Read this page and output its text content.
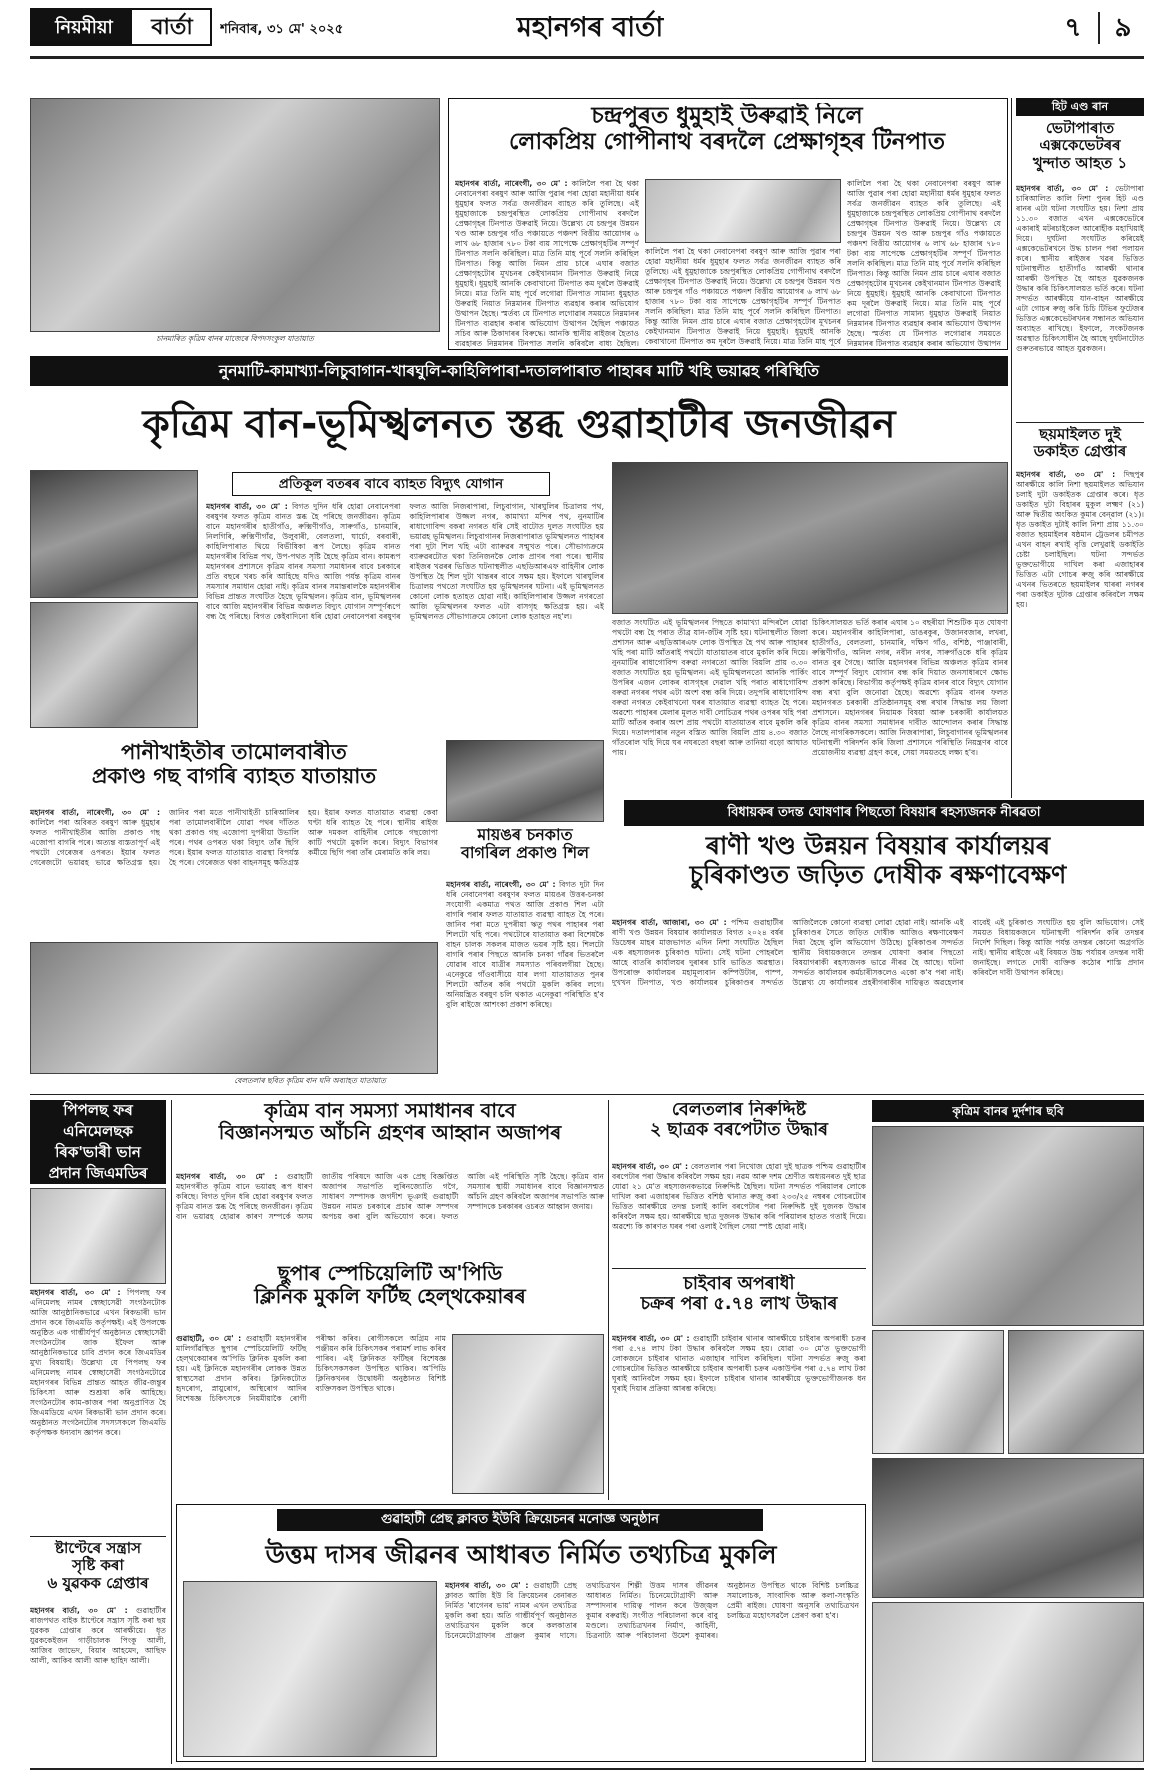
নিয়মীয়া	বাৰ্তা	শনিবাৰ, ৩১ মে' ২০২৫	মহানগৰ বাৰ্তা	৭	৯
চানমাৰিত কৃত্ৰিম বানৰ মাজেৰে বিপদসংকুল যাতায়াত
চন্দ্ৰপুৰত ধুমুহাই উৰুৱাই নিলে
লোকপ্ৰিয় গোপীনাথ বৰদলৈ প্ৰেক্ষাগৃহৰ টিনপাত
মহানগৰ বাৰ্তা, নাৰেংগী, ৩০ মে' : কালিলৈ পৰা হৈ থকা নেবানেপৰা বৰষুণ আৰু আজি পুৱাৰ পৰা হোৱা মহানীয়া ধৰ্মৰ ধুমুহাৰ ফলত সৰ্বত্ৰ জনজীৱন ব্যাহত কৰি তুলিছে। এই ধুমুহাজাকে চন্দ্ৰপুৰস্থিত লোকপ্ৰিয় গোপীনাথ বৰদলৈ প্ৰেক্ষাগৃহৰ টিনপাত উৰুৱাই নিয়ে। উল্লেখ্য যে চন্দ্ৰপুৰ উন্নয়ন খণ্ড আৰু চন্দ্ৰপুৰ গাঁও পঞ্চায়তে পঞ্চদশ বিত্তীয় আয়োগৰ ৬ লাখ ৬৮ হাজাৰ ৭৮০ টকা ব্যয় সাপেক্ষে প্ৰেক্ষাগৃহটিৰ সম্পূৰ্ণ টিনপাত সলনি কৰিছিল। মাত্ৰ তিনি মাহ পূৰ্বে সলনি কৰিছিল টিনপাত। কিন্তু আজি নিমন প্ৰায় চাৰে এঘাৰ বজাত প্ৰেক্ষাগৃহটোৰ মূখচনৰ কেইখানমান টিনপাত উৰুৱাই নিয়ে ধুমুহাই। ধুমুহাই আনকি কেবাখানো টিনপাত কম দূৰলৈ উৰুৱাই নিয়ে। মাত্ৰ তিনি মাহ পূৰ্বে লগোৱা টিনপাত সামান্য ধুমুহাত উৰুৱাই নিয়াত নিম্নমানৰ টিনপাত ব্যৱহাৰ কৰাৰ অভিযোগ উত্থাপন হৈছে। স্মৰ্তব্য যে টিনপাত লগোৱাৰ সময়তে নিম্নমানৰ টিনপাত ব্যৱহাৰ কৰাৰ অভিযোগ উত্থাপন হৈছিল পঞ্চায়ত সচিব আৰু ঠিকাদাৰৰ বিৰুদ্ধে। আনকি স্থানীয় ৰাইজৰ হৈতাও ব্যৱহাৰত নিম্নমানৰ টিনপাত সলনি কৰিবলৈ বাধ্য হৈছিল।
কালিলৈ পৰা হৈ থকা নেবানেপৰা বৰষুণ আৰু আজি পুৱাৰ পৰা হোৱা মহানীয়া ধৰ্মৰ ধুমুহাৰ ফলত সৰ্বত্ৰ জনজীৱন ব্যাহত কৰি তুলিছে। এই ধুমুহাজাকে চন্দ্ৰপুৰস্থিত লোকপ্ৰিয় গোপীনাথ বৰদলৈ প্ৰেক্ষাগৃহৰ টিনপাত উৰুৱাই নিয়ে। উল্লেখ্য যে চন্দ্ৰপুৰ উন্নয়ন খণ্ড আৰু চন্দ্ৰপুৰ গাঁও পঞ্চায়তে পঞ্চদশ বিত্তীয় আয়োগৰ ৬ লাখ ৬৮ হাজাৰ ৭৮০ টকা ব্যয় সাপেক্ষে প্ৰেক্ষাগৃহটিৰ সম্পূৰ্ণ টিনপাত সলনি কৰিছিল। মাত্ৰ তিনি মাহ পূৰ্বে সলনি কৰিছিল টিনপাত। কিন্তু আজি নিমন প্ৰায় চাৰে এঘাৰ বজাত প্ৰেক্ষাগৃহটোৰ মূখচনৰ কেইখানমান টিনপাত উৰুৱাই নিয়ে ধুমুহাই। ধুমুহাই আনকি কেবাখানো টিনপাত কম দূৰলৈ উৰুৱাই নিয়ে। মাত্ৰ তিনি মাহ পূৰ্বে
কালিলৈ পৰা হৈ থকা নেবানেপৰা বৰষুণ আৰু আজি পুৱাৰ পৰা হোৱা মহানীয়া ধৰ্মৰ ধুমুহাৰ ফলত সৰ্বত্ৰ জনজীৱন ব্যাহত কৰি তুলিছে। এই ধুমুহাজাকে চন্দ্ৰপুৰস্থিত লোকপ্ৰিয় গোপীনাথ বৰদলৈ প্ৰেক্ষাগৃহৰ টিনপাত উৰুৱাই নিয়ে। উল্লেখ্য যে চন্দ্ৰপুৰ উন্নয়ন খণ্ড আৰু চন্দ্ৰপুৰ গাঁও পঞ্চায়তে পঞ্চদশ বিত্তীয় আয়োগৰ ৬ লাখ ৬৮ হাজাৰ ৭৮০ টকা ব্যয় সাপেক্ষে প্ৰেক্ষাগৃহটিৰ সম্পূৰ্ণ টিনপাত সলনি কৰিছিল। মাত্ৰ তিনি মাহ পূৰ্বে সলনি কৰিছিল টিনপাত। কিন্তু আজি নিমন প্ৰায় চাৰে এঘাৰ বজাত প্ৰেক্ষাগৃহটোৰ মূখচনৰ কেইখানমান টিনপাত উৰুৱাই নিয়ে ধুমুহাই। ধুমুহাই আনকি কেবাখানো টিনপাত কম দূৰলৈ উৰুৱাই নিয়ে। মাত্ৰ তিনি মাহ পূৰ্বে লগোৱা টিনপাত সামান্য ধুমুহাত উৰুৱাই নিয়াত নিম্নমানৰ টিনপাত ব্যৱহাৰ কৰাৰ অভিযোগ উত্থাপন হৈছে। স্মৰ্তব্য যে টিনপাত লগোৱাৰ সময়তে নিম্নমানৰ টিনপাত ব্যৱহাৰ কৰাৰ অভিযোগ উত্থাপন
হিট এণ্ড ৰান
ভেটাপাৰাত
এক্সকেভেটৰৰ
খুন্দাত আহত ১
মহানগৰ বাৰ্তা, ৩০ মে' : ভেটাপাৰা চাৰিআলিত কালি নিশা পুনৰ হিট এণ্ড ৰানৰ এটা ঘটনা সংঘটিত হয়। নিশা প্ৰায় ১১.৩০ বজাত এখন এক্সকেভেটৰে একাৰাই মটৰচাইকেল আৰোহীক মহাখিয়াই দিয়ে। দুৰ্ঘটনা সংঘটিত কৰিয়েই এক্সকেভেটৰখনে উদ্ধ চালন পৰা পলায়ন কৰে। স্থানীয় ৰাইজৰ খৱৰ ভিত্তিত ঘটনাস্থলীত হাতীগাঁও আৰক্ষী থানাৰ আৰক্ষী উপস্থিত হৈ আহত যুৱকজনক উদ্ধাৰ কৰি চিকিৎসালয়ত ভৰ্তি কৰে। ঘটনা সন্দৰ্ভত আৰক্ষীয়ে যান-বাহন আৰক্ষীয়ে এটা গোচৰ ৰুজু কৰি চিচি টিভিৰ ফুটেজৰ ভিত্তিত এক্সকেভেটৰখনৰ সন্ধানত অভিযান অব্যাহত ৰাখিছে। ইফালে, সংকটজনক অৱস্থাত চিকিৎসাধীন হৈ আছে দুৰ্ঘটনাটোত গুৰুতৰভাৱে আহত যুৱকজন।
ছয়মাইলত দুই
ডকাইত গ্ৰেপ্তাৰ
মহানগৰ বাৰ্তা, ৩০ মে' : দিছপুৰ আৰক্ষীয়ে কালি নিশা ছয়মাইলত অভিযান চলাই দুটা ডকাইতক গ্ৰেপ্তাৰ কৰে। ধৃত ডকাইত দুটা বিহাৰৰ মুকুল লক্ষ্মণ (২১) আৰু দ্বিতীয় অংকিত কুমাৰ বেন্‌ৱাল (২১)। ধৃত ডকাইত দুটাই কালি নিশা প্ৰায় ১১.৩০ বজাত ছয়মাইলৰ ষষ্ঠমান ট্ৰেডলৰ চমীপত এখন বাহন ৰখাই বৃত্তি লেখুৱাই ডকাইতি চেষ্টা চলাইছিল। ঘটনা সন্দৰ্ভত ভুক্তভোগীয়ে দাখিল কৰা এজাহাৰৰ ভিত্তিত এটা গোচৰ ৰুজু কৰি আৰক্ষীয়ে এখনৰ ভিতৰতে ছয়মাইলৰ ঘাৰৰা নগৰৰ পৰা ডকাইত দুটাক গ্ৰেপ্তাৰ কৰিবলৈ সক্ষম হয়।
নুনমাটি-কামাখ্যা-লিচুবাগান-খাৰঘুলি-কাহিলিপাৰা-দতালপাৰাত পাহাৰৰ মাটি খহি ভয়াৱহ পৰিস্থিতি
কৃত্ৰিম বান-ভূমিস্খলনত স্তব্ধ গুৱাহাটীৰ জনজীৱন
প্ৰতিকূল বতৰৰ বাবে ব্যাহত বিদ্যুৎ যোগান
মহানগৰ বাৰ্তা, ৩০ মে' : বিগত দুদিন ধৰি হোৱা নেবানেপৰা বৰষুণৰ ফলত কৃত্ৰিম বানত স্তব্ধ হৈ পৰিছে জনজীৱন। কৃত্ৰিম বানে মহানগৰীৰ হাতীগাঁও, ৰুক্মিণীগাঁও, সাৰুগাঁও, চানমাৰি, নিলগিৰি, ৰুক্মিণীগাঁৱ, উলুবাৰী, বেলতলা, ঘাৰ্চো, বৰবাৰী, কাহিলিপাৰাত থিয়ে বিভীষিকা ৰূপ লৈছে। কৃত্ৰিম বানত মহানগৰীৰ বিভিন্ন পথ, উপ-পথত সৃষ্টি হৈছে কৃত্ৰিম বান। কামৰূপ মহানগৰৰ প্ৰশাসনে কৃত্ৰিম বানৰ সমস্যা সমাধানৰ বাবে চৰকাৰে প্ৰতি বছৰে খৰচ কৰি আহিছে যদিও আজি পৰ্যন্ত কৃত্ৰিম বানৰ সমস্যাৰ সমাধান হোৱা নাই। কৃত্ৰিম বানৰ সমান্তৰালকৈ মহানগৰীৰ বিভিন্ন প্ৰান্তত সংঘটিত হৈছে ভূমিস্খলন। কৃত্ৰিম বান, ভূমিস্খলনৰ বাবে আজি মহানগৰীৰ বিভিন্ন অঞ্চলত বিদ্যুৎ যোগান সম্পূৰ্ণৰূপে বন্ধ হৈ পৰিছে। বিগত কেইবাদিনো ধৰি হোৱা নেবানেপৰা বৰষুণৰ ফলত আজি নিজৰাপাৰা, লিচুবাগান, খাৰঘুলিৰ চিত্ৰালয় পথ, কাহিলিপাৰাৰ উজ্জল নগৰ, কামাখ্যা মন্দিৰ পথ, নুনমাটিৰ ৰাধাগোবিন্দ বকৰা নগৰত ধৰি সেই বাটোত দুলত সংঘটিত হয় ভয়াৱহ ভূমিস্খলন। লিচুবাগানৰ নিজৰাপাৰাত ভূমিস্খলনত পাহাৰৰ পৰা দুটা শিল খহি এটা ব্যাৰুৱৰ সন্মুখত পৰে। সৌভাগ্যক্ৰমে ব্যাৰুৱৰটোত থকা তিনিজনকৈ লোক প্ৰাণৰ পৰা পৰে। স্থানীয় ৰাইজৰ খৱৰৰ ভিত্তিত ঘটনাস্থলীত এছডিআৰএফ বাহিনীৰ লোক উপস্থিত হৈ শিল দুটা খান্তৰৰ বাবে সক্ষম হয়। ইফালে খাৰঘুলিৰ চিত্ৰালয় পথতো সংঘটিত হয় ভূমিস্খলনৰ ঘটনা। এই ভূমিস্খলনত কোনো লোক হতাহত হোৱা নাই। কাহিলিপাৰাৰ উজ্জল নগৰতো আজি ভূমিস্খলনৰ ফলত এটা বাসগৃহ ক্ষতিগ্ৰস্ত হয়। এই ভূমিস্খলনত সৌভাগ্যক্ৰমে কোনো লোক হতাহত নহ'ল।
বজাত সংঘটিত এই ভূমিস্খলনৰ পিছতে কামাখ্যা মন্দিৰলৈ যোৱা পথটো বন্ধ হৈ পৰাত তীব্ৰ যান-জঁটৰ সৃষ্টি হয়। ঘটনাস্থলীত জিলা প্ৰশাসন আৰু এছডিআৰএফ লোক উপস্থিত হৈ পথ আৰু পাহাৰৰ খহি পৰা মাটি আঁতৰাই পথটো যাতায়াতৰ বাবে মুকলি কৰি দিয়ে। নুনমাটিৰ ৰাধাগোবিন্দ বৰুৱা নগৰতো আজি বিয়লি প্ৰায় ৩.৩০ বজাত সংঘটিত হয় ভূমিস্খলন। এই ভূমিস্খলনতো আনকি পাৰ্কিং উপৰিৰ এজন লোকৰ বাসগৃহৰ দেৱাল খহি পৰাত ৰাধাগোবিন্দ বৰুৱা নগৰৰ পথৰ এটা অংশ বন্ধ কৰি দিয়ে। তদুপৰি ৰাধাগোবিন্দ বৰুৱা নগৰত কেইবাখনো ঘৰৰ যাতায়াত ব্যৱস্থা ব্যাহত হৈ পৰে। অৱশ্যে পাহাৰৰ মেলাৰ মূলত দাবী লোচিত্ৰৰ পথৰ ওপৰৰ খহি পৰা মাটি আঁতৰ কৰাৰ অংশ প্ৰায় পথটো যাতায়াতৰ বাবে মুকলি কৰি দিয়ে। দতালপাৰাৰ নতুন বস্তিত আজি বিয়লি প্ৰায় ৪.৩০ বজাত গাঁতৰোল খহি দিয়ে ঘৰ নঘৰতো বছৰা আৰু তানিয়া বড়ো আঘাত পায়।
চিকিৎসালয়ত ভৰ্তি কৰাৰ এঘাৰ ১০ বছৰীয়া শিশুটিক মৃত ঘোষণা কৰে। মহানগৰীৰ কাহিলিপাৰা, ডাঙৰকুৰ, উজানবজাৰ, লখৰা, হাতীগাঁও, বেলতলা, চানমাৰি, দক্ষিণ গাঁও, বশিষ্ঠ, পাঞ্জাবাৰী, ৰুক্মিণীগাঁও, অনিল নগৰ, নবীন নগৰ, সাৰুগাঁওকে ধৰি কৃত্ৰিম বানত বুৰ গৈছে। আজি মহানগৰৰ বিভিন্ন অঞ্চলত কৃত্ৰিম বানৰ বাবে সম্পূৰ্ণ বিদ্যুৎ যোগান বন্ধ কৰি দিয়াত জনসাধাৰণে ক্ষোভ প্ৰকাশ কৰিছে। বিভাগীয় কৰ্তৃপক্ষই কৃত্ৰিম বানৰ বাবে বিদ্যুৎ যোগান বন্ধ ৰখা বুলি জনোৱা হৈছে। অৱশ্যে কৃত্ৰিম বানৰ ফলত মহানগৰত চৰকাৰী প্ৰতিষ্ঠানসমূহ বন্ধ ৰখাৰ সিদ্ধান্ত লয় জিলা প্ৰশাসনে। মহানগৰৰ নিয়ামক বিষয়া আৰু চৰকাৰী কাৰ্যালয়ত কৃত্ৰিম বানৰ সমস্যা সমাধানৰ দাবীত আন্দোলন কৰাৰ সিদ্ধান্ত লৈছে নাগৰিকসকলে। আজি নিজৰাপাৰা, লিচুবাগানৰ ভূমিস্খলনৰ ঘটনাস্থলী পৰিদৰ্শন কৰি জিলা প্ৰশাসনে পৰিস্থিতি নিয়ন্ত্ৰণৰ বাবে প্ৰয়োজনীয় ব্যৱস্থা গ্ৰহণ কৰে, সেয়া সময়তহে লক্ষ্য হ'ব।
পানীখাইতীৰ তামোলবাৰীত
প্ৰকাণ্ড গছ বাগৰি ব্যাহত যাতায়াত
মহানগৰ বাৰ্তা, নাৰেংগী, ৩০ মে' : কালিলৈ পৰা অবিৰত বৰষুণ আৰু ধুমুহাৰ ফলত পানীখাইতীৰ আজি প্ৰকাণ্ড গছ এজোপা বাগৰি পৰে। অত্যন্ত ব্যস্ততাপূৰ্ণ এই পথটো গেৰেজৰ ওপৰত। ইয়াৰ ফলত গেৰেজটো ভয়াৱহ ভাৱে ক্ষতিগ্ৰস্ত হয়। জানিব পৰা মতে পানীখাইতী চাৰিআলিৰ পৰা তামোলবাৰীলৈ যোৱা পথৰ দাঁতিত থকা প্ৰকাণ্ড গছ এজোপা দুপৰীয়া উভালি পৰে। পথৰ ওপৰত থকা বিদ্যুৎ তাঁৰ ছিগি পৰে। ইয়াৰ ফলত যাতায়াত ব্যৱস্থা বিপৰ্যস্ত হৈ পৰে। গেৰেজত থকা বাহনসমূহ ক্ষতিগ্ৰস্ত হয়। ইয়াৰ ফলত যাতায়াত ব্যৱস্থা কেবা ঘণ্টা ধৰি ব্যাহত হৈ পৰে। স্থানীয় ৰাইজ আৰু দমকল বাহিনীৰ লোকে গছজোপা কাটি পথটো মুকলি কৰে। বিদ্যুৎ বিভাগৰ কৰ্মীয়ে ছিগি পৰা তাঁৰ মেৰামতি কৰি লয়।
বেলতলাৰ ছবিত কৃত্ৰিম বান ঘনি অব্যাহত যাতায়াত
মায়ঙৰ চনকাত
বাগৰিল প্ৰকাণ্ড শিল
মহানগৰ বাৰ্তা, নাৰেংগী, ৩০ মে' : বিগত দুটা দিন ধৰি নেবানেপৰা বৰষুণৰ ফলত মায়ঙৰ উত্তৰ-চনকা সংযোগী একমাত্ৰ পথত আজি প্ৰকাণ্ড শিল এটা বাগৰি পৰাৰ ফলত যাতায়াত ব্যৱস্থা ব্যাহত হৈ পৰে। জানিব পৰা মতে দুপৰীয়া ঋতু পথৰ পাহাৰৰ পৰা শিলটো খহি পৰে। পথটোৰে যাতায়াত কৰা বিশেষকৈ বাহন চালক সকলৰ মাজত ভয়ৰ সৃষ্টি হয়। শিলটো বাগৰি পৰাৰ পিছতে আনকি চনকা গাঁৱৰ ভিতৰলৈ যোৱাৰ বাবে যাত্ৰীৰ সমস্যাত পৰিবলগীয়া হৈছে। এনেকুৱে গাঁওবাসীয়ে যাৰ লগা যাতায়াতত পুনৰ শিলটো আঁতৰ কৰি পথটো মুকলি কৰিব লগে। অনিয়ন্ত্ৰিত বৰষুণ চলি থকাত এনেকুৱা পৰিস্থিতি হ'ব বুলি ৰাইজে আশংকা প্ৰকাশ কৰিছে।
বিধায়কৰ তদন্ত ঘোষণাৰ পিছতো বিষয়াৰ ৰহস্যজনক নীৰৱতা
ৰাণী খণ্ড উন্নয়ন বিষয়াৰ কাৰ্যালয়ৰ
চুৰিকাণ্ডত জড়িত দোষীক ৰক্ষণাবেক্ষণ
মহানগৰ বাৰ্তা, আজাৰা, ৩০ মে' : পশ্চিম গুৱাহাটীৰ ৰাণী খণ্ড উন্নয়ন বিষয়াৰ কাৰ্যালয়ত বিগত ২০২৪ বৰ্ষৰ ডিচেম্বৰ মাহৰ মাজভাগত এদিন নিশা সংঘটিত হৈছিল এক ৰহস্যজনক চুৰিকাণ্ড ঘটনা। সেই ঘটনা পোহৰলৈ আহে বাতৰি কাৰ্যালয়ৰ দুৰাৰৰ চাবি ভাঙিত অৱস্থাত। উপৰোক্ত কাৰ্যালয়ৰ মহামূল্যবান কম্পিউটাৰ, পাম্প, দুখখন টিনপাত, খণ্ড কাৰ্যালয়ৰ চুৰিকাণ্ডৰ সন্দৰ্ভত আজিলৈকে কোনো ব্যৱস্থা লোৱা হোৱা নাই। আনকি এই চুৰিকাণ্ডৰ সৈতে জড়িত দোষীক আজিও ৰক্ষণাবেক্ষণ দিয়া হৈছে বুলি অভিযোগ উঠিছে। চুৰিকাণ্ডৰ সন্দৰ্ভত স্থানীয় বিধায়কজনে তদন্তৰ ঘোষণা কৰাৰ পিছতো বিষয়াগৰাকী ৰহস্যজনক ভাৱে নীৰৱ হৈ আছে। ঘটনা সন্দৰ্ভত কাৰ্যালয়ৰ কৰ্মচাৰীসকলেও একো ক'ব পৰা নাই। উল্লেখ্য যে কাৰ্যালয়ৰ প্ৰহৰীগৰাকীৰ দায়িত্বত অৱহেলাৰ বাবেই এই চুৰিকাণ্ড সংঘটিত হয় বুলি অভিযোগ। সেই সময়ত বিধায়কজনে ঘটনাস্থলী পৰিদৰ্শন কৰি তদন্তৰ নিৰ্দেশ দিছিল। কিন্তু আজি পৰ্যন্ত তদন্তৰ কোনো অগ্ৰগতি নাই। স্থানীয় ৰাইজে এই বিষয়ত উচ্চ পৰ্যায়ৰ তদন্তৰ দাবী জনাইছে। লগতে দোষী ব্যক্তিক কঠোৰ শাস্তি প্ৰদান কৰিবলৈ দাবী উত্থাপন কৰিছে।
পিপলছ ফৰ
এনিমেলছক
ৰিক'ভাৰী ভান
প্ৰদান জিএমডিৰ
মহানগৰ বাৰ্তা, ৩০ মে' : পিপলছ ফৰ এনিমেলছ নামৰ স্বেচ্ছাসেৱী সংগঠনটোক আজি আনুষ্ঠানিকভাৱে এখন ৰিকভাৰী ভান প্ৰদান কৰে জিএমডি কৰ্তৃপক্ষই। এই উপলক্ষে অনুষ্ঠিত এক গাম্ভীৰ্যপূৰ্ণ অনুষ্ঠানত স্বেচ্ছাসেৱী সংগঠনটোৰ জাক ইফৈল আৰু আনুষ্ঠানিকভাৱে চাবি প্ৰদান কৰে জিএমডিৰ মুখ্য বিষয়াই। উল্লেখ্য যে পিপলছ ফৰ এনিমেলছ নামৰ স্বেচ্ছাসেৱী সংগঠনটোৱে মহানগৰৰ বিভিন্ন প্ৰান্তত আহত জীৱ-জন্তুৰ চিকিৎসা আৰু শুশ্ৰূষা কৰি আহিছে। সংগঠনটোৰ কাম-কাজৰ পৰা অনুপ্ৰাণিত হৈ জিএমডিয়ে এখন ৰিকভাৰী ভান প্ৰদান কৰে। অনুষ্ঠানত সংগঠনটোৰ সদস্যসকলে জিএমডি কৰ্তৃপক্ষক ধন্যবাদ জ্ঞাপন কৰে।
ষ্টাণ্টেৰে সন্ত্ৰাস
সৃষ্টি কৰা
৬ যুৱকক গ্ৰেপ্তাৰ
মহানগৰ বাৰ্তা, ৩০ মে' : গুৱাহাটীৰ ৰাজপথত বাইক ষ্টাণ্টেৰে সন্ত্ৰাস সৃষ্টি কৰা ছয় যুৱকক গ্ৰেপ্তাৰ কৰে আৰক্ষীয়ে। ধৃত যুৱককেইজন গাড়ীচালক পিংকু আলী, আজিব জাভেদ, বিয়াৰ আহমেদ, আছিফ আলী, আকিব আলী আৰু ছাহিদ আলী।
কৃত্ৰিম বান সমস্যা সমাধানৰ বাবে
বিজ্ঞানসন্মত আঁচনি গ্ৰহণৰ আহ্বান অজাপৰ
মহানগৰ বাৰ্তা, ৩০ মে' : গুৱাহাটী মহানগৰীত কৃত্ৰিম বানে ভয়াৱহ ৰূপ ধাৰণ কৰিছে। বিগত দুদিন ধৰি হোৱা বৰষুণৰ ফলত কৃত্ৰিম বানত স্তব্ধ হৈ পৰিছে জনজীৱন। কৃত্ৰিম বান ভয়াৱহ হোৱাৰ কাৰণ সম্পৰ্কে অসম জাতীয় পৰিষদে আজি এক প্ৰেছ বিজ্ঞপ্তিত অজাপৰ সভাপতি লুৰিনজ্যোতি গগৈ, সাধাৰণ সম্পাদক জগদীশ ভূঞাই গুৱাহাটী উন্নয়ন নামত চৰকাৰে প্ৰচাৰ আৰু সম্পদৰ অপচয় কৰা বুলি অভিযোগ কৰে। ফলত আজি এই পৰিস্থিতি সৃষ্টি হৈছে। কৃত্ৰিম বান সমস্যাৰ স্থায়ী সমাধানৰ বাবে বিজ্ঞানসন্মত আঁচনি গ্ৰহণ কৰিবলৈ অজাপৰ সভাপতি আৰু সম্পাদকে চৰকাৰৰ ওচৰত আহ্বান জনায়।
ছুপাৰ স্পেচিয়েলিটি অ'পিডি
ক্লিনিক মুকলি ফৰ্টিছ হেল্‌থকেয়াৰৰ
গুৱাহাটী, ৩০ মে' : গুৱাহাটী মহানগৰীৰ মালিগাঁৱস্থিত ছুপাৰ স্পেচিয়েলিটি ফৰ্টিছ হেল্‌থকেয়াৰৰ অ'পিডি ক্লিনিক মুকলি কৰা হয়। এই ক্লিনিকে মহানগৰীৰ লোকক উন্নত স্বাস্থ্যসেৱা প্ৰদান কৰিব। ক্লিনিকটোত হৃদৰোগ, স্নায়ুৰোগ, অস্থিৰোগ আদিৰ বিশেষজ্ঞ চিকিৎসকে নিয়মীয়াকৈ ৰোগী পৰীক্ষা কৰিব। ৰোগীসকলে অগ্ৰিম নাম পঞ্জীয়ন কৰি চিকিৎসকৰ পৰামৰ্শ লাভ কৰিব পাৰিব। এই ক্লিনিকত ফৰ্টিছৰ বিশেষজ্ঞ চিকিৎসকসকল উপস্থিত থাকিব। অ'পিডি ক্লিনিকখনৰ উদ্বোধনী অনুষ্ঠানত বিশিষ্ট ব্যক্তিসকল উপস্থিত থাকে।
বেলতলাৰ নিৰুদ্দিষ্ট
২ ছাত্ৰক বৰপেটাত উদ্ধাৰ
মহানগৰ বাৰ্তা, ৩০ মে' : বেলতলাৰ পৰা নিখোজ হোৱা দুই ছাত্ৰক পশ্চিম গুৱাহাটীৰ বৰপেটাৰ পৰা উদ্ধাৰ কৰিবলৈ সক্ষম হয়। নৱম আৰু দশম শ্ৰেণীত অধ্যয়নৰত দুই ছাত্ৰ যোৱা ২১ মে'ত ৰহস্যজনকভাৱে নিৰুদ্দিষ্ট হৈছিল। ঘটনা সন্দৰ্ভত পৰিয়ালৰ লোকে দাখিল কৰা এজাহাৰৰ ভিত্তিত বশিষ্ঠ থানাত ৰুজু কৰা ২৩৩/২৫ নম্বৰৰ গোচৰটোৰ ভিত্তিত আৰক্ষীয়ে তদন্ত চলাই কালি বৰপেটাৰ পৰা নিৰুদ্দিষ্ট দুই দুজনক উদ্ধাৰ কৰিবলৈ সক্ষম হয়। আৰক্ষীয়ে ছাত্ৰ দুজনক উদ্ধাৰ কৰি পৰিয়ালৰ হাতত গতাই দিয়ে। অৱশ্যে কি কাৰণত ঘৰৰ পৰা ওলাই গৈছিল সেয়া স্পষ্ট হোৱা নাই।
চাইবাৰ অপৰাধী
চক্ৰৰ পৰা ৫.৭৪ লাখ উদ্ধাৰ
মহানগৰ বাৰ্তা, ৩০ মে' : গুৱাহাটী চাইবাৰ থানাৰ আৰক্ষীয়ে চাইবাৰ অপৰাধী চক্ৰৰ পৰা ৫.৭৪ লাখ টকা উদ্ধাৰ কৰিবলৈ সক্ষম হয়। যোৱা ৩০ মে'ত ভুক্তভোগী লোকজনে চাইবাৰ থানাত এজাহাৰ দাখিল কৰিছিল। ঘটনা সন্দৰ্ভত ৰুজু কৰা গোচৰটোৰ ভিত্তিত আৰক্ষীয়ে চাইবাৰ অপৰাধী চক্ৰৰ একাউণ্টৰ পৰা ৫.৭৪ লাখ টকা ঘূৰাই আনিবলৈ সক্ষম হয়। ইফালে চাইবাৰ থানাৰ আৰক্ষীয়ে ভুক্তভোগীজনক ধন ঘূৰাই দিয়াৰ প্ৰক্ৰিয়া আৰম্ভ কৰিছে।
কৃত্ৰিম বানৰ দুৰ্দশাৰ ছবি
গুৱাহাটী প্ৰেছ ক্লাবত ইউবি ক্ৰিয়েচনৰ মনোজ্ঞ অনুষ্ঠান
উত্তম দাসৰ জীৱনৰ আধাৰত নিৰ্মিত তথ্যচিত্ৰ মুকলি
মহানগৰ বাৰ্তা, ৩০ মে' : গুৱাহাটী প্ৰেছ ক্লাবত আজি ইউ বি ক্ৰিয়েচনৰ বেনাৰত নিৰ্মিত 'ৰাগেনৰ ভায়' নামৰ এখন তথ্যচিত্ৰ মুকলি কৰা হয়। অতি গাম্ভীৰ্যপূৰ্ণ অনুষ্ঠানত তথ্যচিত্ৰখন মুকলি কৰে কলকাতাৰ চিনেমেটোগ্ৰাফাৰ প্ৰাঞ্জল কুমাৰ দাসে। তথ্যচিত্ৰখন শিল্পী উত্তম দাসৰ জীৱনৰ আধাৰত নিৰ্মিত। চিনেমেটোগ্ৰাফী আৰু সম্পাদনাৰ দায়িত্ব পালন কৰে উজ্জ্বল কুমাৰ বৰুৱাই। সংগীত পৰিচালনা কৰে বাবু মণ্ডলে। তথ্যচিত্ৰখনৰ নিৰ্মাণ, কাহিনী, চিত্ৰনাট্য আৰু পৰিচালনা উমেশ কুমাৰৰ। অনুষ্ঠানত উপস্থিত থাকে বিশিষ্ট চলচ্চিত্ৰ সমালোচক, সাংবাদিক আৰু কলা-সংস্কৃতি প্ৰেমী ৰাইজ। ঘোষণা অনুসৰি তথ্যচিত্ৰখন চলচ্চিত্ৰ মহোৎসৱলৈ প্ৰেৰণ কৰা হ'ব।
